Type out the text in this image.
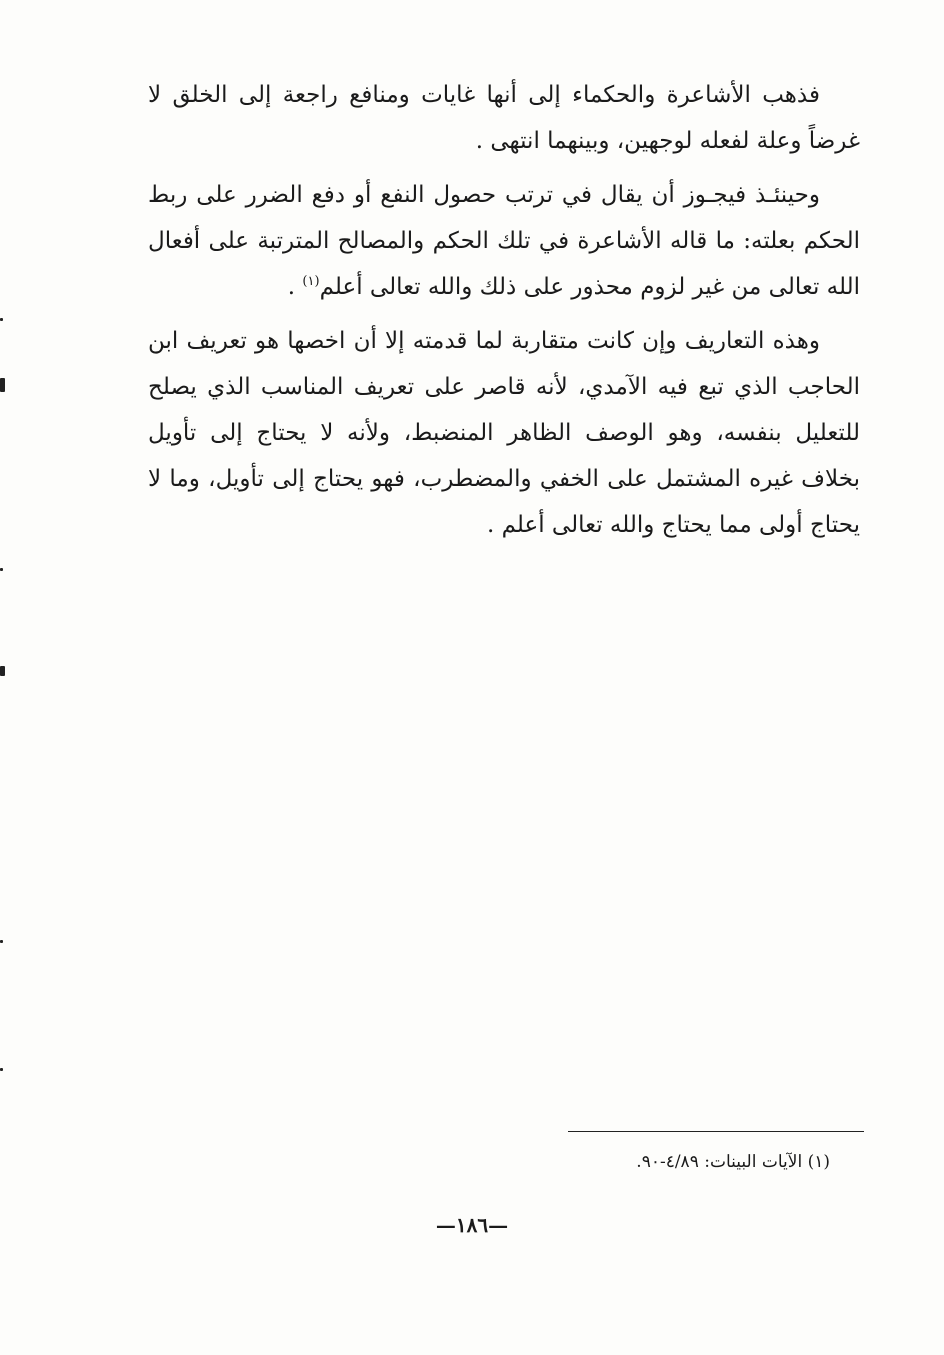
فذهب الأشاعرة والحكماء إلى أنها غايات ومنافع راجعة إلى الخلق لا غرضاً وعلة لفعله لوجهين، وبينهما انتهى .

وحينئـذ فيجـوز أن يقال في ترتب حصول النفع أو دفع الضرر على ربط الحكم بعلته: ما قاله الأشاعرة في تلك الحكم والمصالح المترتبة على أفعال الله تعالى من غير لزوم محذور على ذلك والله تعالى أعلم$^{(١)}$ .

وهذه التعاريف وإن كانت متقاربة لما قدمته إلا أن اخصها هو تعريف ابن الحاجب الذي تبع فيه الآمدي، لأنه قاصر على تعريف المناسب الذي يصلح للتعليل بنفسه، وهو الوصف الظاهر المنضبط، ولأنه لا يحتاج إلى تأويل بخلاف غيره المشتمل على الخفي والمضطرب، فهو يحتاج إلى تأويل، وما لا يحتاج أولى مما يحتاج والله تعالى أعلم .

(١) الآيات البينات: ٤/٨٩-٩٠.
—١٨٦—
